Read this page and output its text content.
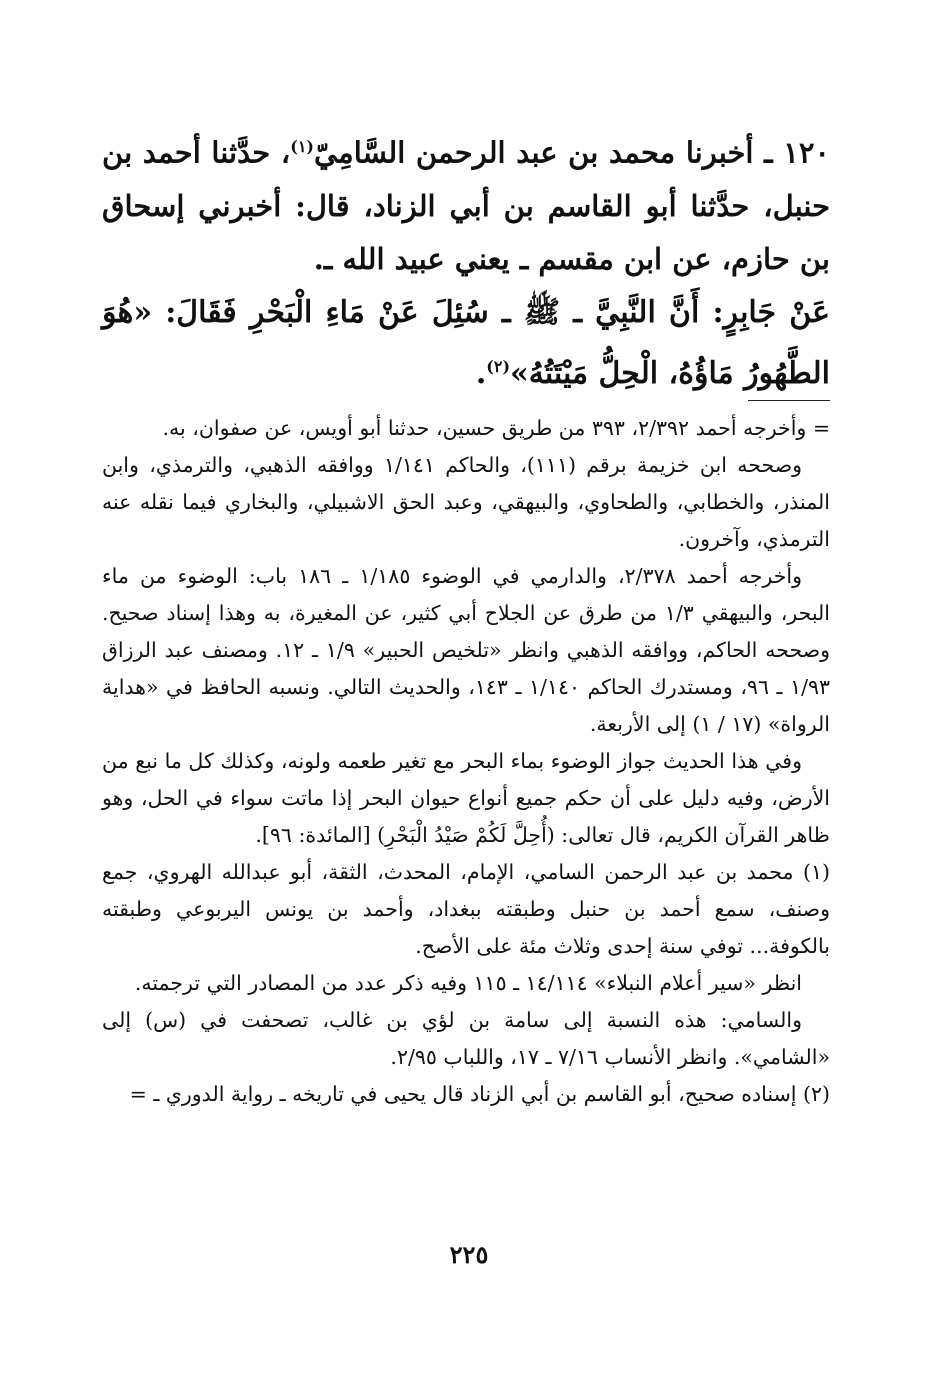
١٢٠ ـ أخبرنا محمد بن عبد الرحمن السَّامِيّ$^{(١)}$، حدَّثنا أحمد بن حنبل، حدَّثنا أبو القاسم بن أبي الزناد، قال: أخبرني إسحاق بن حازم، عن ابن مقسم ـ يعني عبيد الله ـ.

عَنْ جَابِرٍ: أَنَّ النَّبِيَّ ـ ﷺ ـ سُئِلَ عَنْ مَاءِ الْبَحْرِ فَقَالَ: «هُوَ الطَّهُورُ مَاؤُهُ، الْحِلُّ مَيْتَتُهُ»$^{(٢)}$.

= وأخرجه أحمد ٢/٣٩٢، ٣٩٣ من طريق حسين، حدثنا أبو أويس، عن صفوان، به.

وصححه ابن خزيمة برقم (١١١)، والحاكم ١/١٤١ ووافقه الذهبي، والترمذي، وابن المنذر، والخطابي، والطحاوي، والبيهقي، وعبد الحق الاشبيلي، والبخاري فيما نقله عنه الترمذي، وآخرون.

وأخرجه أحمد ٢/٣٧٨، والدارمي في الوضوء ١/١٨٥ ـ ١٨٦ باب: الوضوء من ماء البحر، والبيهقي ١/٣ من طرق عن الجلاح أبي كثير، عن المغيرة، به وهذا إسناد صحيح. وصححه الحاكم، ووافقه الذهبي وانظر «تلخيص الحبير» ١/٩ ـ ١٢. ومصنف عبد الرزاق ١/٩٣ ـ ٩٦، ومستدرك الحاكم ١/١٤٠ ـ ١٤٣، والحديث التالي. ونسبه الحافظ في «هداية الرواة» (١٧ / ١) إلى الأربعة.

وفي هذا الحديث جواز الوضوء بماء البحر مع تغير طعمه ولونه، وكذلك كل ما نبع من الأرض، وفيه دليل على أن حكم جميع أنواع حيوان البحر إذا ماتت سواء في الحل، وهو ظاهر القرآن الكريم، قال تعالى: (أُحِلَّ لَكُمْ صَيْدُ الْبَحْرِ) [المائدة: ٩٦].

(١) محمد بن عبد الرحمن السامي، الإمام، المحدث، الثقة، أبو عبدالله الهروي، جمع وصنف، سمع أحمد بن حنبل وطبقته ببغداد، وأحمد بن يونس اليربوعي وطبقته بالكوفة... توفي سنة إحدى وثلاث مئة على الأصح.

انظر «سير أعلام النبلاء» ١٤/١١٤ ـ ١١٥ وفيه ذكر عدد من المصادر التي ترجمته.

والسامي: هذه النسبة إلى سامة بن لؤي بن غالب، تصحفت في (س) إلى «الشامي». وانظر الأنساب ٧/١٦ ـ ١٧، واللباب ٢/٩٥.

(٢) إسناده صحيح، أبو القاسم بن أبي الزناد قال يحيى في تاريخه ـ رواية الدوري ـ =

٢٢٥
